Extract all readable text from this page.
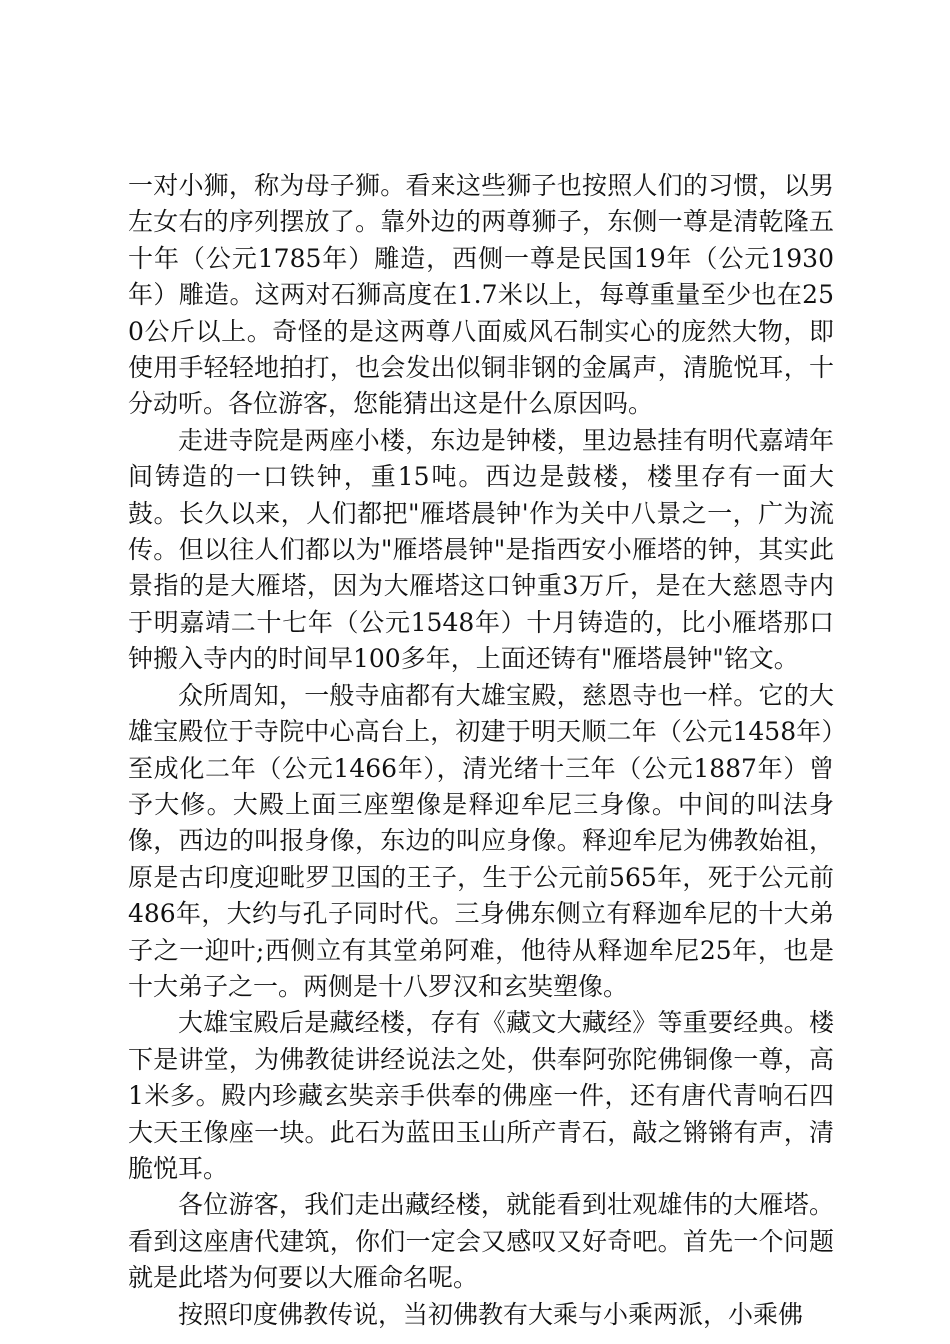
一对小狮，称为母子狮。看来这些狮子也按照人们的习惯，以男左女右的序列摆放了。靠外边的两尊狮子，东侧一尊是清乾隆五十年（公元1785年）雕造，西侧一尊是民国19年（公元1930年）雕造。这两对石狮高度在1.7米以上，每尊重量至少也在250公斤以上。奇怪的是这两尊八面威风石制实心的庞然大物，即使用手轻轻地拍打，也会发出似铜非钢的金属声，清脆悦耳，十分动听。各位游客，您能猜出这是什么原因吗。

走进寺院是两座小楼，东边是钟楼，里边悬挂有明代嘉靖年间铸造的一口铁钟，重15吨。西边是鼓楼，楼里存有一面大鼓。长久以来，人们都把"雁塔晨钟'作为关中八景之一，广为流传。但以往人们都以为"雁塔晨钟"是指西安小雁塔的钟，其实此景指的是大雁塔，因为大雁塔这口钟重3万斤，是在大慈恩寺内于明嘉靖二十七年（公元1548年）十月铸造的，比小雁塔那口钟搬入寺内的时间早100多年，上面还铸有"雁塔晨钟"铭文。

众所周知，一般寺庙都有大雄宝殿，慈恩寺也一样。它的大雄宝殿位于寺院中心高台上，初建于明天顺二年（公元1458年）至成化二年（公元1466年），清光绪十三年（公元1887年）曾予大修。大殿上面三座塑像是释迎牟尼三身像。中间的叫法身像，西边的叫报身像，东边的叫应身像。释迎牟尼为佛教始祖，原是古印度迎毗罗卫国的王子，生于公元前565年，死于公元前486年，大约与孔子同时代。三身佛东侧立有释迦牟尼的十大弟子之一迎叶;西侧立有其堂弟阿难，他待从释迦牟尼25年，也是十大弟子之一。两侧是十八罗汉和玄奘塑像。

大雄宝殿后是藏经楼，存有《藏文大藏经》等重要经典。楼下是讲堂，为佛教徒讲经说法之处，供奉阿弥陀佛铜像一尊，高1米多。殿内珍藏玄奘亲手供奉的佛座一件，还有唐代青响石四大天王像座一块。此石为蓝田玉山所产青石，敲之锵锵有声，清脆悦耳。

各位游客，我们走出藏经楼，就能看到壮观雄伟的大雁塔。看到这座唐代建筑，你们一定会又感叹又好奇吧。首先一个问题就是此塔为何要以大雁命名呢。

按照印度佛教传说，当初佛教有大乘与小乘两派，小乘佛
